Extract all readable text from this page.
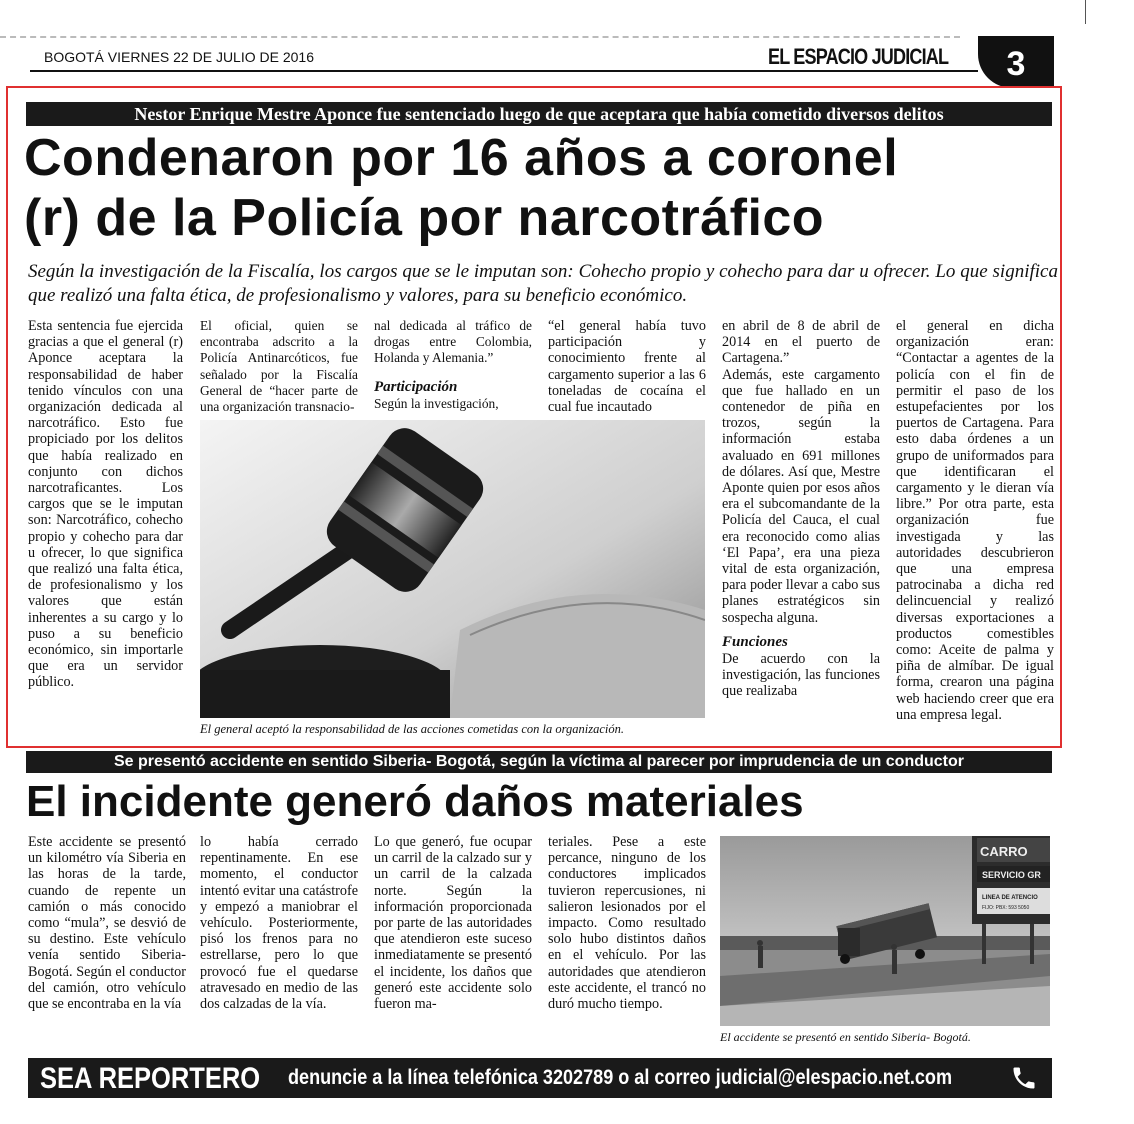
BOGOTÁ VIERNES 22 DE JULIO DE 2016	EL ESPACIO JUDICIAL	3
Nestor Enrique Mestre Aponce fue sentenciado luego de que aceptara que había cometido diversos delitos
Condenaron por 16 años a coronel
(r) de la Policía por narcotráfico
Según la investigación de la Fiscalía, los cargos que se le imputan son: Cohecho propio y cohecho para dar u ofrecer. Lo que significa que realizó una falta ética, de profesionalismo y valores, para su beneficio económico.

Esta sentencia fue ejercida gracias a que el general (r) Aponce aceptara la responsabilidad de haber tenido vínculos con una organización dedicada al narcotráfico. Esto fue propiciado por los delitos que había realizado en conjunto con dichos narcotraficantes. Los cargos que se le imputan son: Narcotráfico, cohecho propio y cohecho para dar u ofrecer, lo que significa que realizó una falta ética, de profesionalismo y los valores que están inherentes a su cargo y lo puso a su beneficio económico, sin importarle que era un servidor público.

El oficial, quien se encontraba adscrito a la Policía Antinarcóticos, fue señalado por la Fiscalía General de “hacer parte de una organización transnacio-

nal dedicada al tráfico de drogas entre Colombia, Holanda y Alemania.”

Participación

Según la investigación,

“el general había tuvo participación y conocimiento frente al cargamento superior a las 6 toneladas de cocaína el cual fue incautado

en abril de 8 de abril de 2014 en el puerto de Cartagena.”

Además, este cargamento que fue hallado en un contenedor de piña en trozos, según la información estaba avaluado en 691 millones de dólares. Así que, Mestre Aponte quien por esos años era el subcomandante de la Policía del Cauca, el cual era reconocido como alias ‘El Papa’, era una pieza vital de esta organización, para poder llevar a cabo sus planes estratégicos sin sospecha alguna.

Funciones

De acuerdo con la investigación, las funciones que realizaba

el general en dicha organización eran: “Contactar a agentes de la policía con el fin de permitir el paso de los estupefacientes por los puertos de Cartagena. Para esto daba órdenes a un grupo de uniformados para que identificaran el cargamento y le dieran vía libre.” Por otra parte, esta organización fue investigada y las autoridades descubrieron que una empresa patrocinaba a dicha red delincuencial y realizó diversas exportaciones a productos comestibles como: Aceite de palma y piña de almíbar. De igual forma, crearon una página web haciendo creer que era una empresa legal.

El general aceptó la responsabilidad de las acciones cometidas con la organización.
Se presentó accidente en sentido Siberia- Bogotá, según la víctima al parecer por imprudencia de un conductor
El incidente generó daños materiales

Este accidente se presentó un kilométro vía Siberia en las horas de la tarde, cuando de repente un camión o más conocido como “mula”, se desvió de su destino. Este vehículo venía sentido Siberia-Bogotá. Según el conductor del camión, otro vehículo que se encontraba en la vía

lo había cerrado repentinamente. En ese momento, el conductor intentó evitar una catástrofe y empezó a maniobrar el vehículo. Posteriormente, pisó los frenos para no estrellarse, pero lo que provocó fue el quedarse atravesado en medio de las dos calzadas de la vía.

Lo que generó, fue ocupar un carril de la calzado sur y un carril de la calzada norte. Según la información proporcionada por parte de las autoridades que atendieron este suceso inmediatamente se presentó el incidente, los daños que generó este accidente solo fueron ma-

teriales. Pese a este percance, ninguno de los conductores implicados tuvieron repercusiones, ni salieron lesionados por el impacto. Como resultado solo hubo distintos daños en el vehículo. Por las autoridades que atendieron este accidente, el trancó no duró mucho tiempo.

CARRO
SERVICIO GR
LINEA DE ATENCIO
FIJO: PBX: 593 5050
El accidente se presentó en sentido Siberia- Bogotá.
SEA REPORTERO denuncie a la línea telefónica 3202789 o al correo judicial@elespacio.net.com
